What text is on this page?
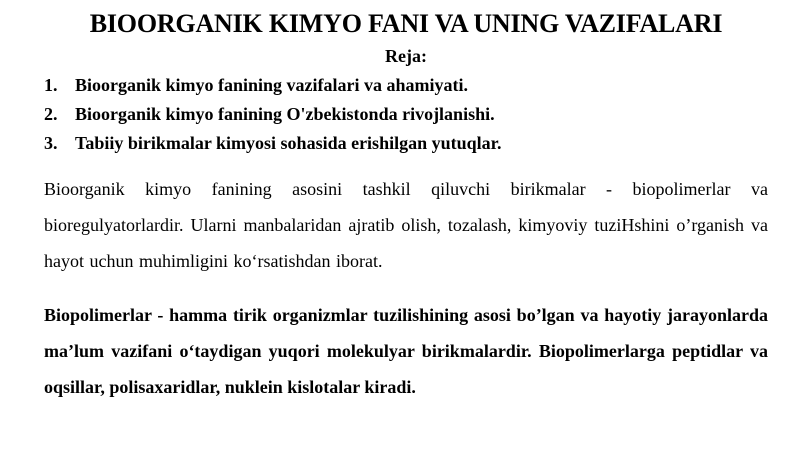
BIOORGANIK KIMYO FANI VA UNING VAZIFALARI
Reja:
1. Bioorganik kimyo fanining vazifalari va ahamiyati.
2. Bioorganik kimyo fanining O'zbekistonda rivojlanishi.
3. Tabiiy birikmalar kimyosi sohasida erishilgan yutuqlar.

Bioorganik kimyo fanining asosini tashkil qiluvchi birikmalar - biopolimerlar va bioregulyatorlardir. Ularni manbalaridan ajratib olish, tozalash, kimyoviy tuziHshini o’rganish va hayot uchun muhimligini ko‘rsatishdan iborat.

Biopolimerlar - hamma tirik organizmlar tuzilishining asosi bo’lgan va hayotiy jarayonlarda ma’lum vazifani o‘taydigan yuqori molekulyar birikmalardir. Biopolimerlarga peptidlar va oqsillar, polisaxaridlar, nuklein kislotalar kiradi.
